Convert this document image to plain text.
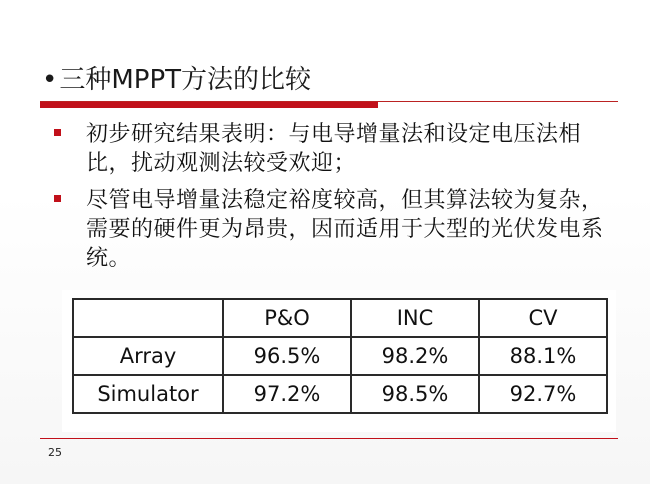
•三种MPPT方法的比较
初步研究结果表明：与电导增量法和设定电压法相比，扰动观测法较受欢迎；
尽管电导增量法稳定裕度较高，但其算法较为复杂，需要的硬件更为昂贵，因而适用于大型的光伏发电系统。
	P&O	INC	CV
Array	96.5%	98.2%	88.1%
Simulator	97.2%	98.5%	92.7%
25
